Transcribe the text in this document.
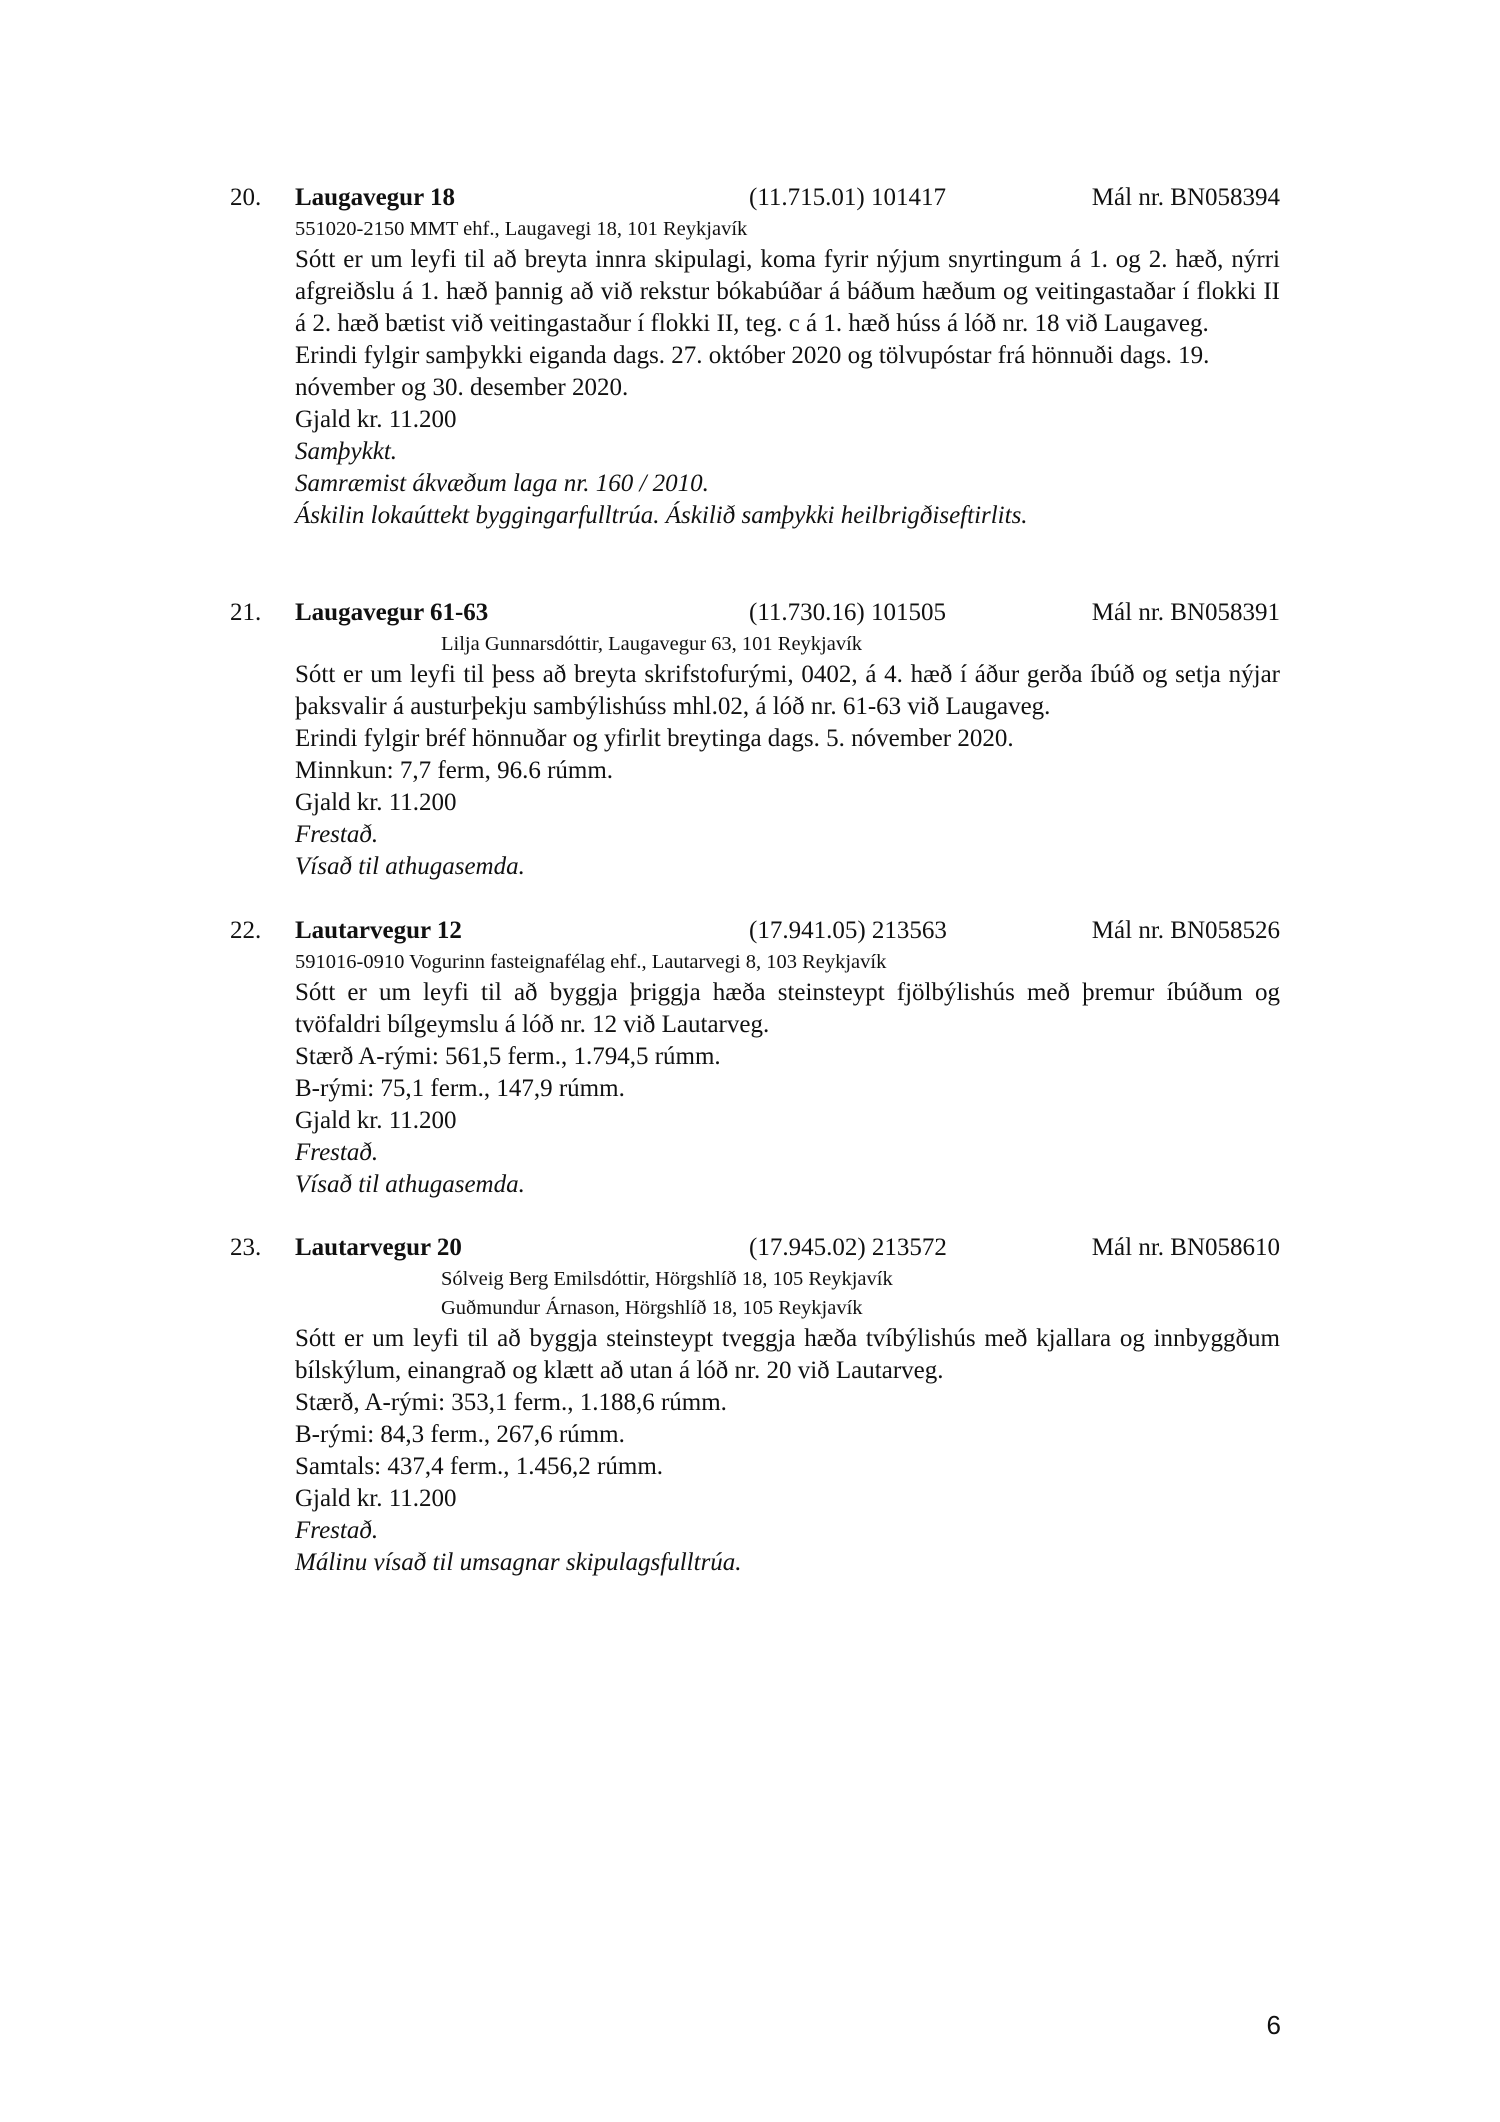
20. Laugavegur 18	(11.715.01) 101417	Mál nr. BN058394
551020-2150 MMT ehf., Laugavegi 18, 101 Reykjavík
Sótt er um leyfi til að breyta innra skipulagi, koma fyrir nýjum snyrtingum á 1. og 2. hæð, nýrri afgreiðslu á 1. hæð þannig að við rekstur bókabúðar á báðum hæðum og veitingastaðar í flokki II á 2. hæð bætist við veitingastaður í flokki II, teg. c á 1. hæð húss á lóð nr. 18 við Laugaveg.
Erindi fylgir samþykki eiganda dags. 27. október 2020 og tölvupóstar frá hönnuði dags. 19. nóvember og 30. desember 2020.
Gjald kr. 11.200
Samþykkt.
Samræmist ákvæðum laga nr. 160 / 2010.
Áskilin lokaúttekt byggingarfulltrúa. Áskilið samþykki heilbrigðiseftirlits.
21. Laugavegur 61-63	(11.730.16) 101505	Mál nr. BN058391
Lilja Gunnarsdóttir, Laugavegur 63, 101 Reykjavík
Sótt er um leyfi til þess að breyta skrifstofurými, 0402, á 4. hæð í áður gerða íbúð og setja nýjar þaksvalir á austurþekju sambýlishúss mhl.02, á lóð nr. 61-63 við Laugaveg.
Erindi fylgir bréf hönnuðar og yfirlit breytinga dags. 5. nóvember 2020.
Minnkun: 7,7 ferm, 96.6 rúmm.
Gjald kr. 11.200
Frestað.
Vísað til athugasemda.
22. Lautarvegur 12	(17.941.05) 213563	Mál nr. BN058526
591016-0910 Vogurinn fasteignafélag ehf., Lautarvegi 8, 103 Reykjavík
Sótt er um leyfi til að byggja þriggja hæða steinsteypt fjölbýlishús með þremur íbúðum og tvöfaldri bílgeymslu á lóð nr. 12 við Lautarveg.
Stærð A-rými: 561,5 ferm., 1.794,5 rúmm.
B-rými: 75,1 ferm., 147,9 rúmm.
Gjald kr. 11.200
Frestað.
Vísað til athugasemda.
23. Lautarvegur 20	(17.945.02) 213572	Mál nr. BN058610
Sólveig Berg Emilsdóttir, Hörgshlíð 18, 105 Reykjavík
Guðmundur Árnason, Hörgshlíð 18, 105 Reykjavík
Sótt er um leyfi til að byggja steinsteypt tveggja hæða tvíbýlishús með kjallara og innbyggðum bílskýlum, einangrað og klætt að utan á lóð nr. 20 við Lautarveg.
Stærð, A-rými: 353,1 ferm., 1.188,6 rúmm.
B-rými: 84,3 ferm., 267,6 rúmm.
Samtals: 437,4 ferm., 1.456,2 rúmm.
Gjald kr. 11.200
Frestað.
Málinu vísað til umsagnar skipulagsfulltrúa.
6
